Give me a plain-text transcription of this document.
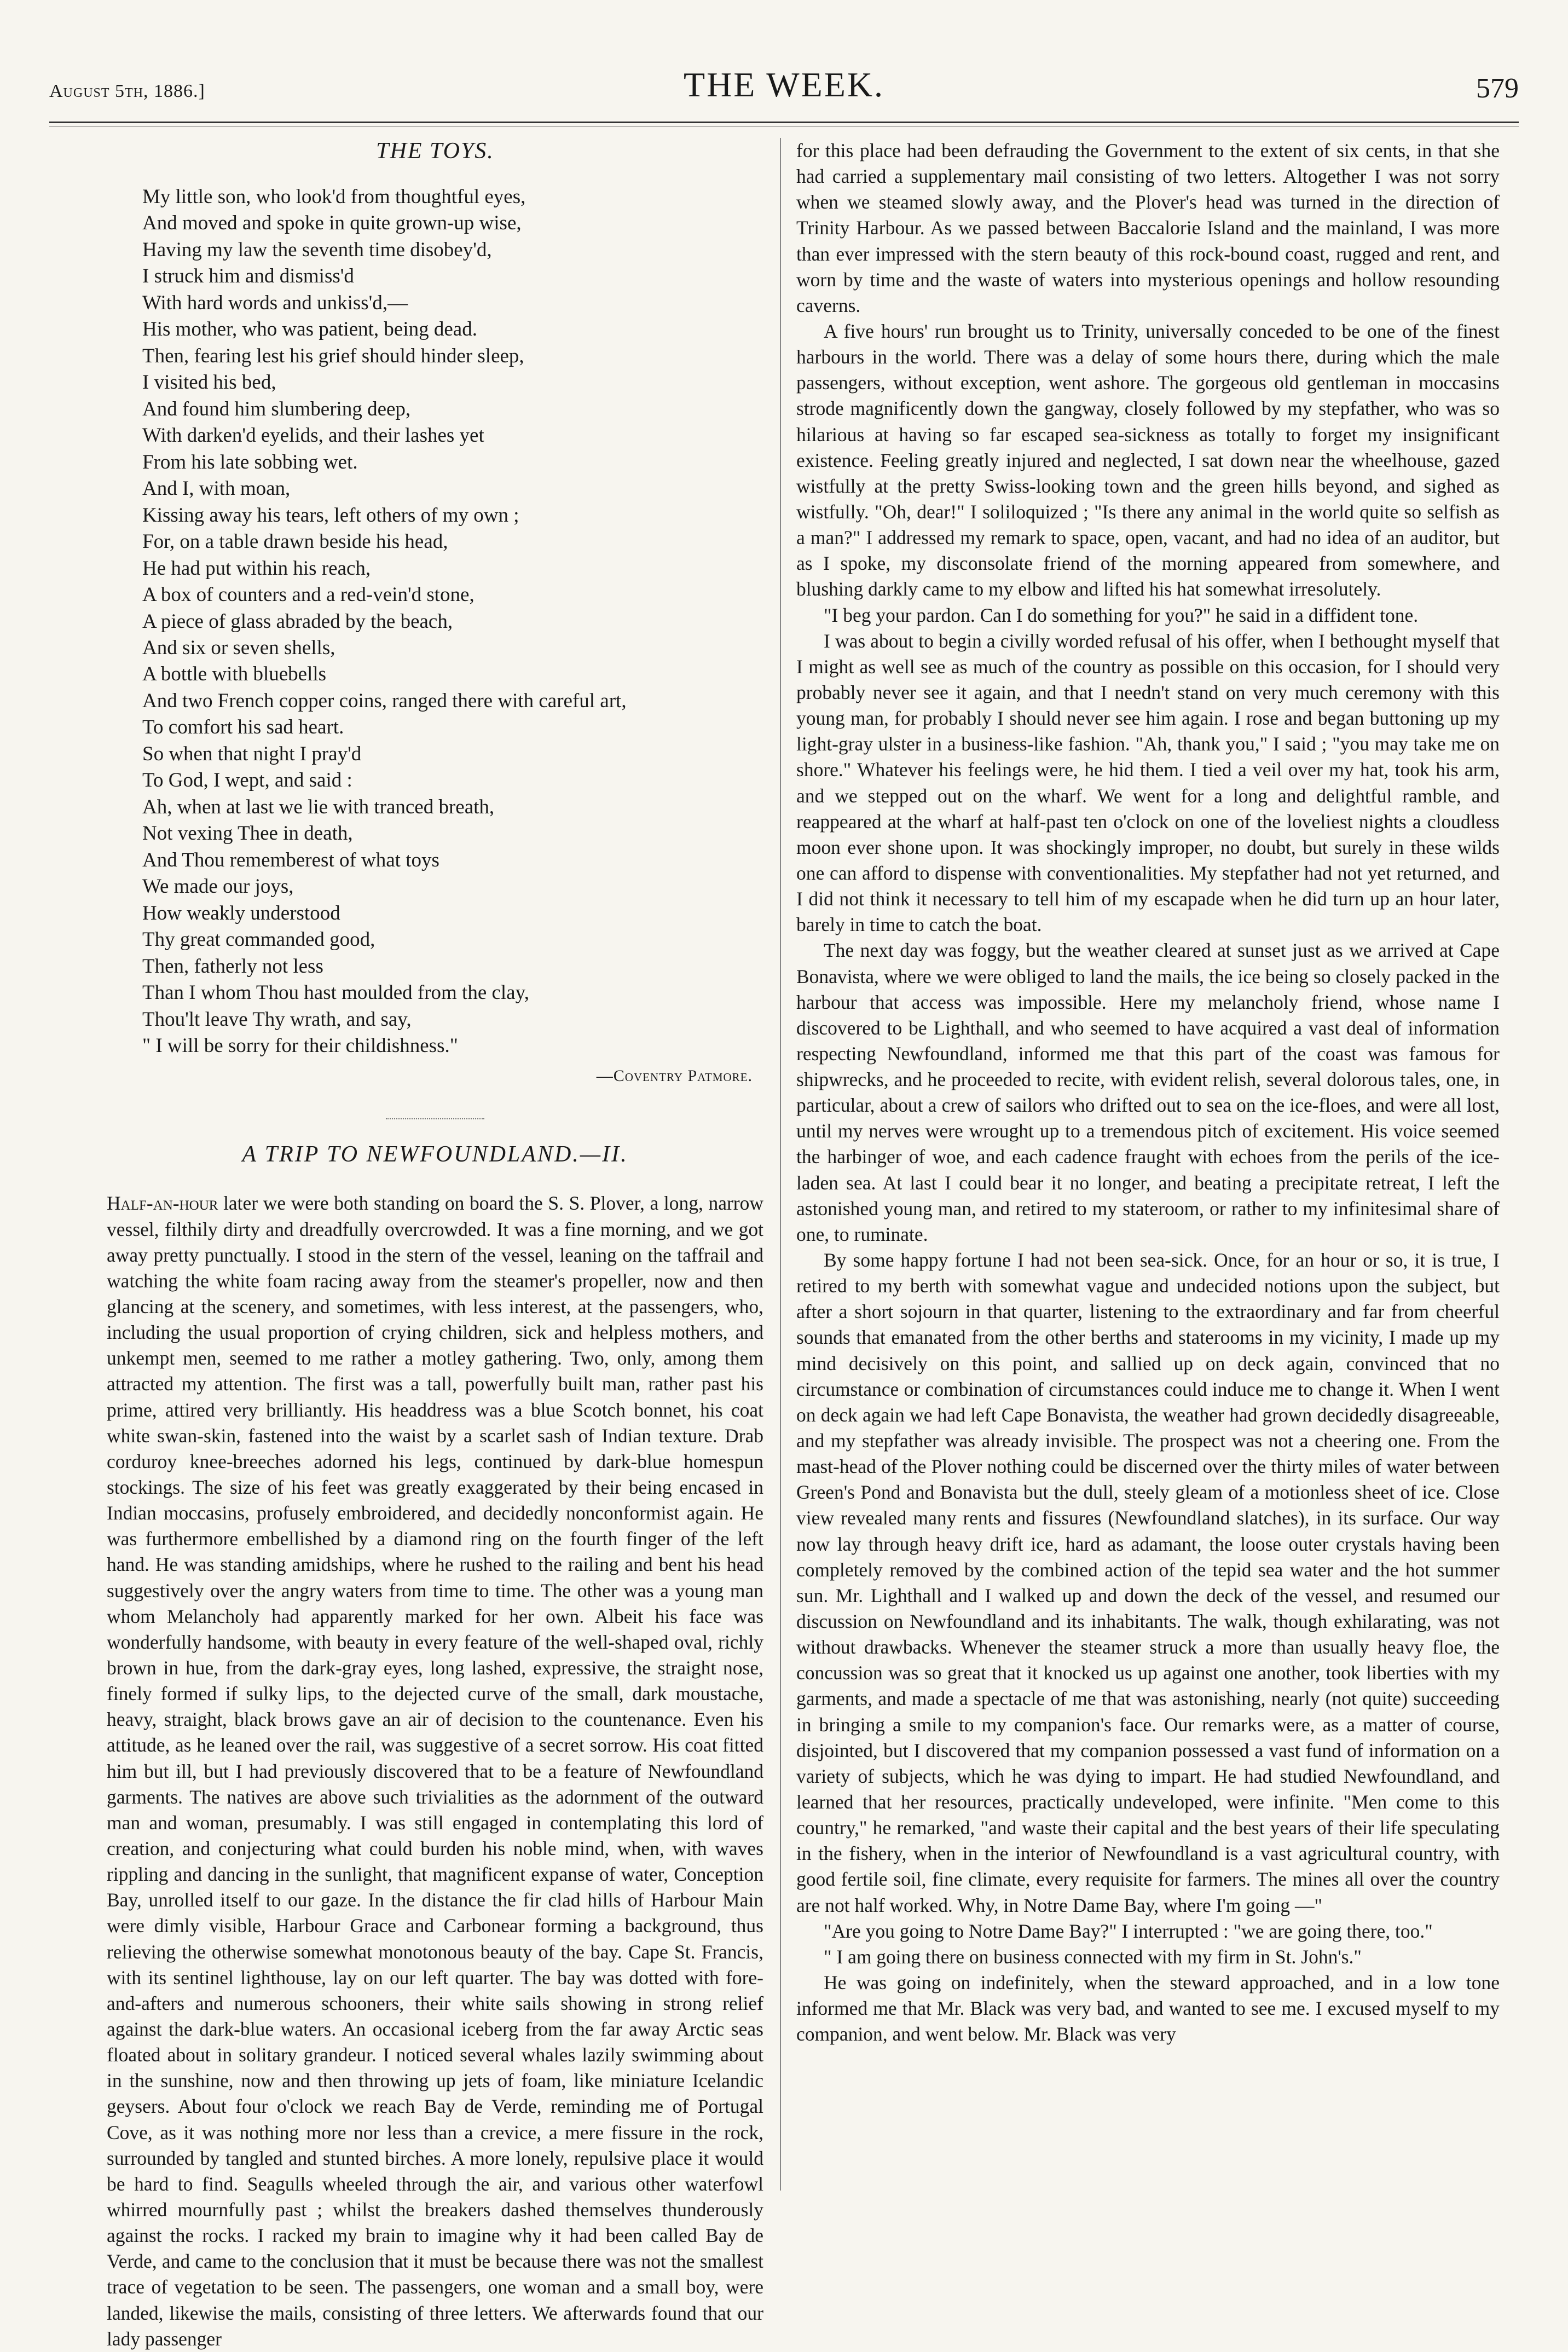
August 5th, 1886.]	THE WEEK.	579
THE TOYS.
My little son, who look'd from thoughtful eyes,
And moved and spoke in quite grown-up wise,
Having my law the seventh time disobey'd,
I struck him and dismiss'd
With hard words and unkiss'd,—
His mother, who was patient, being dead.
Then, fearing lest his grief should hinder sleep,
I visited his bed,
And found him slumbering deep,
With darken'd eyelids, and their lashes yet
From his late sobbing wet.
And I, with moan,
Kissing away his tears, left others of my own ;
For, on a table drawn beside his head,
He had put within his reach,
A box of counters and a red-vein'd stone,
A piece of glass abraded by the beach,
And six or seven shells,
A bottle with bluebells
And two French copper coins, ranged there with careful art,
To comfort his sad heart.
So when that night I pray'd
To God, I wept, and said :
Ah, when at last we lie with tranced breath,
Not vexing Thee in death,
And Thou rememberest of what toys
We made our joys,
How weakly understood
Thy great commanded good,
Then, fatherly not less
Than I whom Thou hast moulded from the clay,
Thou'lt leave Thy wrath, and say,
" I will be sorry for their childishness."
—Coventry Patmore.
A TRIP TO NEWFOUNDLAND.—II.

Half-an-hour later we were both standing on board the S. S. Plover, a long, narrow vessel, filthily dirty and dreadfully overcrowded. It was a fine morning, and we got away pretty punctually. I stood in the stern of the vessel, leaning on the taffrail and watching the white foam racing away from the steamer's propeller, now and then glancing at the scenery, and sometimes, with less interest, at the passengers, who, including the usual proportion of crying children, sick and helpless mothers, and unkempt men, seemed to me rather a motley gathering. Two, only, among them attracted my attention. The first was a tall, powerfully built man, rather past his prime, attired very brilliantly. His headdress was a blue Scotch bonnet, his coat white swan-skin, fastened into the waist by a scarlet sash of Indian texture. Drab corduroy knee-breeches adorned his legs, continued by dark-blue homespun stockings. The size of his feet was greatly exaggerated by their being encased in Indian moccasins, profusely embroidered, and decidedly nonconformist again. He was furthermore embellished by a diamond ring on the fourth finger of the left hand. He was standing amidships, where he rushed to the railing and bent his head suggestively over the angry waters from time to time. The other was a young man whom Melancholy had apparently marked for her own. Albeit his face was wonderfully handsome, with beauty in every feature of the well-shaped oval, richly brown in hue, from the dark-gray eyes, long lashed, expressive, the straight nose, finely formed if sulky lips, to the dejected curve of the small, dark moustache, heavy, straight, black brows gave an air of decision to the countenance. Even his attitude, as he leaned over the rail, was suggestive of a secret sorrow. His coat fitted him but ill, but I had previously discovered that to be a feature of Newfoundland garments. The natives are above such trivialities as the adornment of the outward man and woman, presumably. I was still engaged in contemplating this lord of creation, and conjecturing what could burden his noble mind, when, with waves rippling and dancing in the sunlight, that magnificent expanse of water, Conception Bay, unrolled itself to our gaze. In the distance the fir clad hills of Harbour Main were dimly visible, Harbour Grace and Carbonear forming a background, thus relieving the otherwise somewhat monotonous beauty of the bay. Cape St. Francis, with its sentinel lighthouse, lay on our left quarter. The bay was dotted with fore-and-afters and numerous schooners, their white sails showing in strong relief against the dark-blue waters. An occasional iceberg from the far away Arctic seas floated about in solitary grandeur. I noticed several whales lazily swimming about in the sunshine, now and then throwing up jets of foam, like miniature Icelandic geysers. About four o'clock we reach Bay de Verde, reminding me of Portugal Cove, as it was nothing more nor less than a crevice, a mere fissure in the rock, surrounded by tangled and stunted birches. A more lonely, repulsive place it would be hard to find. Seagulls wheeled through the air, and various other waterfowl whirred mournfully past ; whilst the breakers dashed themselves thunderously against the rocks. I racked my brain to imagine why it had been called Bay de Verde, and came to the conclusion that it must be because there was not the smallest trace of vegetation to be seen. The passengers, one woman and a small boy, were landed, likewise the mails, consisting of three letters. We afterwards found that our lady passenger

for this place had been defrauding the Government to the extent of six cents, in that she had carried a supplementary mail consisting of two letters. Altogether I was not sorry when we steamed slowly away, and the Plover's head was turned in the direction of Trinity Harbour. As we passed between Baccalorie Island and the mainland, I was more than ever impressed with the stern beauty of this rock-bound coast, rugged and rent, and worn by time and the waste of waters into mysterious openings and hollow resounding caverns.

A five hours' run brought us to Trinity, universally conceded to be one of the finest harbours in the world. There was a delay of some hours there, during which the male passengers, without exception, went ashore. The gorgeous old gentleman in moccasins strode magnificently down the gangway, closely followed by my stepfather, who was so hilarious at having so far escaped sea-sickness as totally to forget my insignificant existence. Feeling greatly injured and neglected, I sat down near the wheelhouse, gazed wistfully at the pretty Swiss-looking town and the green hills beyond, and sighed as wistfully. "Oh, dear!" I soliloquized ; "Is there any animal in the world quite so selfish as a man?" I addressed my remark to space, open, vacant, and had no idea of an auditor, but as I spoke, my disconsolate friend of the morning appeared from somewhere, and blushing darkly came to my elbow and lifted his hat somewhat irresolutely.

"I beg your pardon. Can I do something for you?" he said in a diffident tone.

I was about to begin a civilly worded refusal of his offer, when I bethought myself that I might as well see as much of the country as possible on this occasion, for I should very probably never see it again, and that I needn't stand on very much ceremony with this young man, for probably I should never see him again. I rose and began buttoning up my light-gray ulster in a business-like fashion. "Ah, thank you," I said ; "you may take me on shore." Whatever his feelings were, he hid them. I tied a veil over my hat, took his arm, and we stepped out on the wharf. We went for a long and delightful ramble, and reappeared at the wharf at half-past ten o'clock on one of the loveliest nights a cloudless moon ever shone upon. It was shockingly improper, no doubt, but surely in these wilds one can afford to dispense with conventionalities. My stepfather had not yet returned, and I did not think it necessary to tell him of my escapade when he did turn up an hour later, barely in time to catch the boat.

The next day was foggy, but the weather cleared at sunset just as we arrived at Cape Bonavista, where we were obliged to land the mails, the ice being so closely packed in the harbour that access was impossible. Here my melancholy friend, whose name I discovered to be Lighthall, and who seemed to have acquired a vast deal of information respecting Newfoundland, informed me that this part of the coast was famous for shipwrecks, and he proceeded to recite, with evident relish, several dolorous tales, one, in particular, about a crew of sailors who drifted out to sea on the ice-floes, and were all lost, until my nerves were wrought up to a tremendous pitch of excitement. His voice seemed the harbinger of woe, and each cadence fraught with echoes from the perils of the ice-laden sea. At last I could bear it no longer, and beating a precipitate retreat, I left the astonished young man, and retired to my stateroom, or rather to my infinitesimal share of one, to ruminate.

By some happy fortune I had not been sea-sick. Once, for an hour or so, it is true, I retired to my berth with somewhat vague and undecided notions upon the subject, but after a short sojourn in that quarter, listening to the extraordinary and far from cheerful sounds that emanated from the other berths and staterooms in my vicinity, I made up my mind decisively on this point, and sallied up on deck again, convinced that no circumstance or combination of circumstances could induce me to change it. When I went on deck again we had left Cape Bonavista, the weather had grown decidedly disagreeable, and my stepfather was already invisible. The prospect was not a cheering one. From the mast-head of the Plover nothing could be discerned over the thirty miles of water between Green's Pond and Bonavista but the dull, steely gleam of a motionless sheet of ice. Close view revealed many rents and fissures (Newfoundland slatches), in its surface. Our way now lay through heavy drift ice, hard as adamant, the loose outer crystals having been completely removed by the combined action of the tepid sea water and the hot summer sun. Mr. Lighthall and I walked up and down the deck of the vessel, and resumed our discussion on Newfoundland and its inhabitants. The walk, though exhilarating, was not without drawbacks. Whenever the steamer struck a more than usually heavy floe, the concussion was so great that it knocked us up against one another, took liberties with my garments, and made a spectacle of me that was astonishing, nearly (not quite) succeeding in bringing a smile to my companion's face. Our remarks were, as a matter of course, disjointed, but I discovered that my companion possessed a vast fund of information on a variety of subjects, which he was dying to impart. He had studied Newfoundland, and learned that her resources, practically undeveloped, were infinite. "Men come to this country," he remarked, "and waste their capital and the best years of their life speculating in the fishery, when in the interior of Newfoundland is a vast agricultural country, with good fertile soil, fine climate, every requisite for farmers. The mines all over the country are not half worked. Why, in Notre Dame Bay, where I'm going —"

"Are you going to Notre Dame Bay?" I interrupted : "we are going there, too."

" I am going there on business connected with my firm in St. John's."

He was going on indefinitely, when the steward approached, and in a low tone informed me that Mr. Black was very bad, and wanted to see me. I excused myself to my companion, and went below. Mr. Black was very
